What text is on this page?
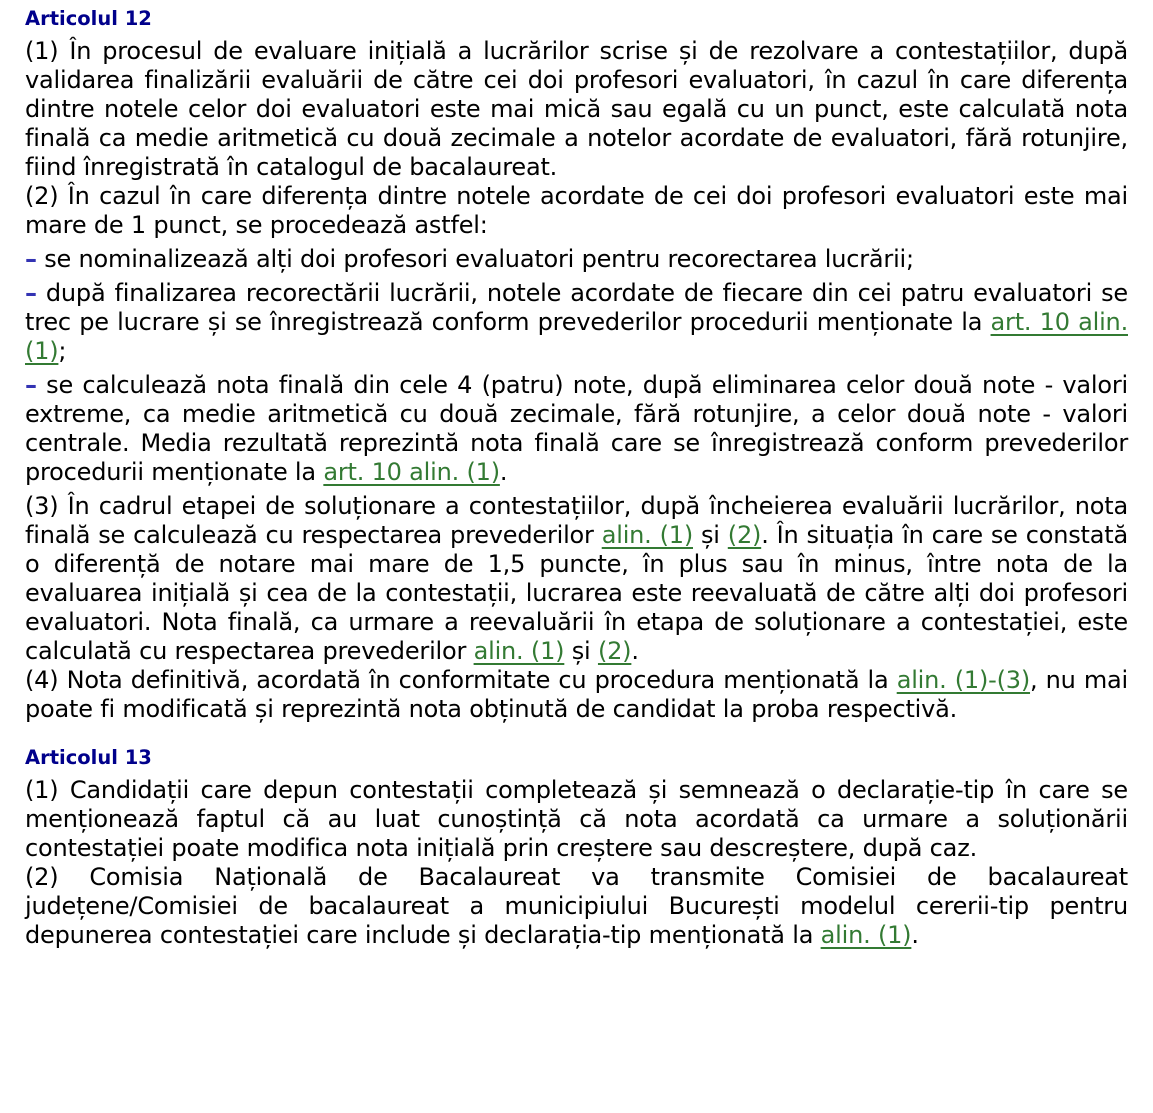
Articolul 12

(1) În procesul de evaluare inițială a lucrărilor scrise și de rezolvare a contestațiilor, după validarea finalizării evaluării de către cei doi profesori evaluatori, în cazul în care diferența dintre notele celor doi evaluatori este mai mică sau egală cu un punct, este calculată nota finală ca medie aritmetică cu două zecimale a notelor acordate de evaluatori, fără rotunjire, fiind înregistrată în catalogul de bacalaureat.

(2) În cazul în care diferența dintre notele acordate de cei doi profesori evaluatori este mai mare de 1 punct, se procedează astfel:

– se nominalizează alți doi profesori evaluatori pentru recorectarea lucrării;

– după finalizarea recorectării lucrării, notele acordate de fiecare din cei patru evaluatori se trec pe lucrare și se înregistrează conform prevederilor procedurii menționate la art. 10 alin. (1);

– se calculează nota finală din cele 4 (patru) note, după eliminarea celor două note - valori extreme, ca medie aritmetică cu două zecimale, fără rotunjire, a celor două note - valori centrale. Media rezultată reprezintă nota finală care se înregistrează conform prevederilor procedurii menționate la art. 10 alin. (1).

(3) În cadrul etapei de soluționare a contestațiilor, după încheierea evaluării lucrărilor, nota finală se calculează cu respectarea prevederilor alin. (1) și (2). În situația în care se constată o diferență de notare mai mare de 1,5 puncte, în plus sau în minus, între nota de la evaluarea inițială și cea de la contestații, lucrarea este reevaluată de către alți doi profesori evaluatori. Nota finală, ca urmare a reevaluării în etapa de soluționare a contestației, este calculată cu respectarea prevederilor alin. (1) și (2).

(4) Nota definitivă, acordată în conformitate cu procedura menționată la alin. (1)-(3), nu mai poate fi modificată și reprezintă nota obținută de candidat la proba respectivă.

Articolul 13

(1) Candidații care depun contestații completează și semnează o declarație-tip în care se menționează faptul că au luat cunoștință că nota acordată ca urmare a soluționării contestației poate modifica nota inițială prin creștere sau descreștere, după caz.

(2) Comisia Națională de Bacalaureat va transmite Comisiei de bacalaureat județene/Comisiei de bacalaureat a municipiului București modelul cererii-tip pentru depunerea contestației care include și declarația-tip menționată la alin. (1).
